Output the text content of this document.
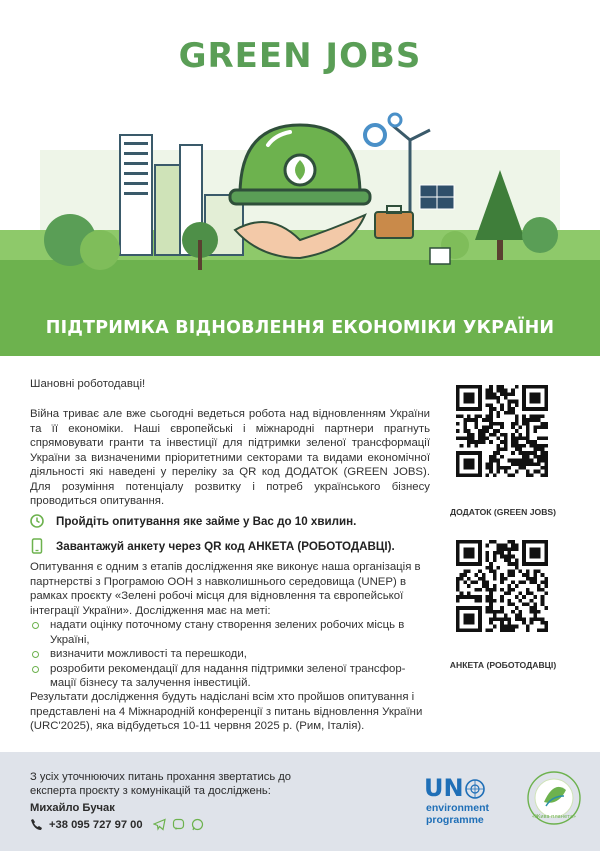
GREEN JOBS
ПІДТРИМКА ВІДНОВЛЕННЯ ЕКОНОМІКИ УКРАЇНИ
Шановні роботодавці!
Війна триває але вже сьогодні ведеться робота над відновленням України та її економіки. Наші європейські і міжнародні партнери прагнуть спрямовувати гранти та інвестиції для підтримки зеленої трансформації України за визначеними пріоритетними секторами та видами економічної діяльності які наведені у переліку за QR код ДОДАТОК (GREEN JOBS). Для розуміння потенціалу розвитку і потреб українського бізнесу проводиться опитування.
Пройдіть опитування яке займе у Вас до 10 хвилин.
Завантажуй анкету через QR код АНКЕТА (РОБОТОДАВЦІ).

Опитування є одним з етапів дослідження яке виконує наша організація в партнерстві з Програмою ООН з навколишнього середовища (UNEP) в рамках проєкту «Зелені робочі місця для відновлення та європейської інтеграції України». Дослідження має на меті:

надати оцінку поточному стану створення зелених робочих місць в Україні,
визначити можливості та перешкоди,
розробити рекомендації для надання підтримки зеленої трансфор-мації бізнесу та залучення інвестицій.
Результати дослідження будуть надіслані всім хто пройшов опитування і представлені на 4 Міжнародній конференції з питань відновлення України (URC'2025), яка відбудеться 10-11 червня 2025 р. (Рим, Італія).
ДОДАТОК (GREEN JOBS)
АНКЕТА (РОБОТОДАВЦІ)
З усіх уточнюючих питань прохання звертатись до
експерта проєкту з комунікацій та досліджень:
Михайло Бучак
+38 095 727 97 00
UN
environment
programme	«Жива планета»
